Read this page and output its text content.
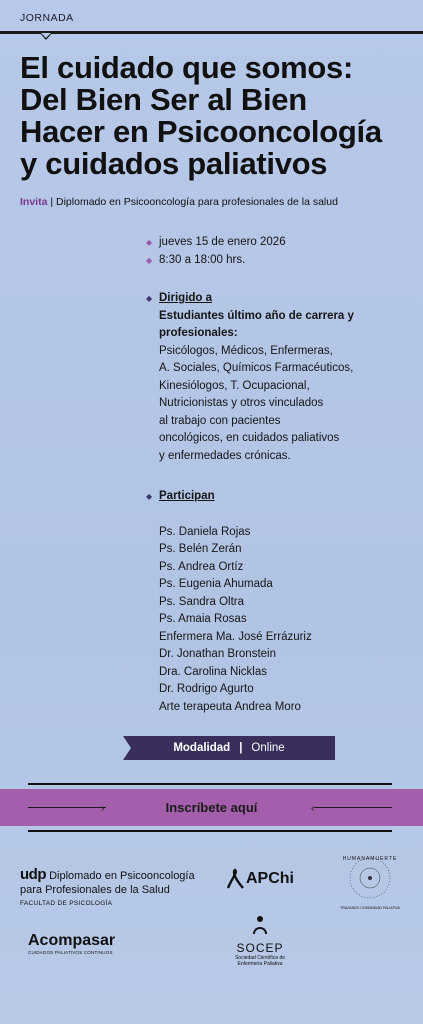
JORNADA
El cuidado que somos:
Del Bien Ser al Bien
Hacer en Psicooncología
y cuidados paliativos
Invita | Diplomado en Psicooncología para profesionales de la salud
◆ jueves 15 de enero 2026
◆ 8:30 a 18:00 hrs.
◆ Dirigido a
Estudiantes último año de carrera y
profesionales:
Psicólogos, Médicos, Enfermeras,
A. Sociales, Químicos Farmacéuticos,
Kinesiólogos, T. Ocupacional,
Nutricionistas y otros vinculados
al trabajo con pacientes
oncológicos, en cuidados paliativos
y enfermedades crónicas.
◆ Participan
Ps. Daniela Rojas
Ps. Belén Zerán
Ps. Andrea Ortíz
Ps. Eugenia Ahumada
Ps. Sandra Oltra
Ps. Amaia Rosas
Enfermera Ma. José Errázuriz
Dr. Jonathan Bronstein
Dra. Carolina Nicklas
Dr. Rodrigo Agurto
Arte terapeuta Andrea Moro
Modalidad | Online
›	Inscríbete aquí	‹
udp Diplomado en Psicooncología
para Profesionales de la Salud
FACULTAD DE PSICOLOGÍA
APChi
HUMANAMUERTE
TRAZANDO COMUNIDAD PALIATIVA
Acompasar
CUIDADOS PALIATIVOS CONTINUOS	SOCEP
Sociedad Científica de
Enfermería Paliativa
